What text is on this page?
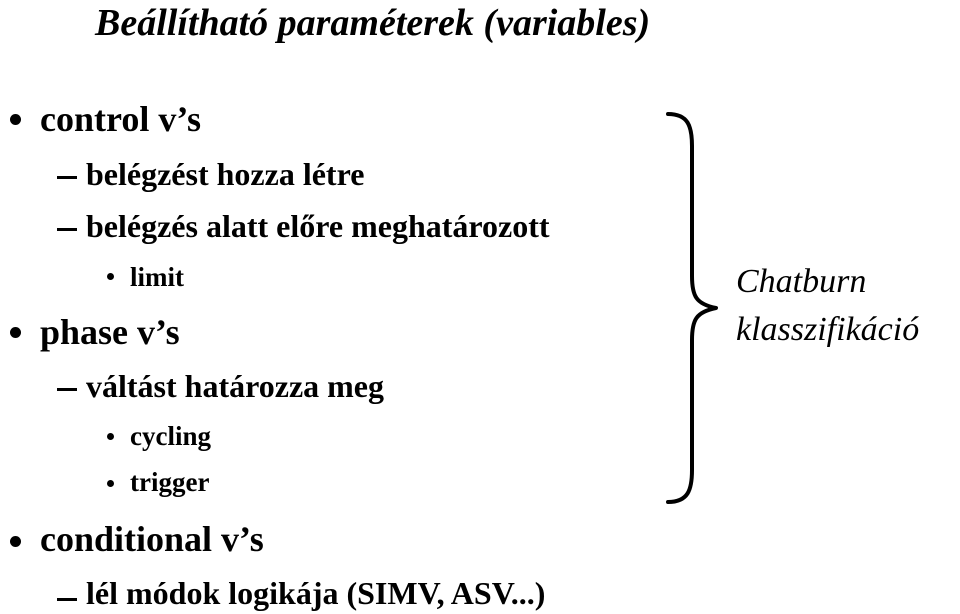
Beállítható paraméterek (variables)
control v’s
belégzést hozza létre
belégzés alatt előre meghatározott
limit
phase v’s
váltást határozza meg
cycling
trigger
conditional v’s
lél módok logikája (SIMV, ASV...)
Chatburn
klasszifikáció
